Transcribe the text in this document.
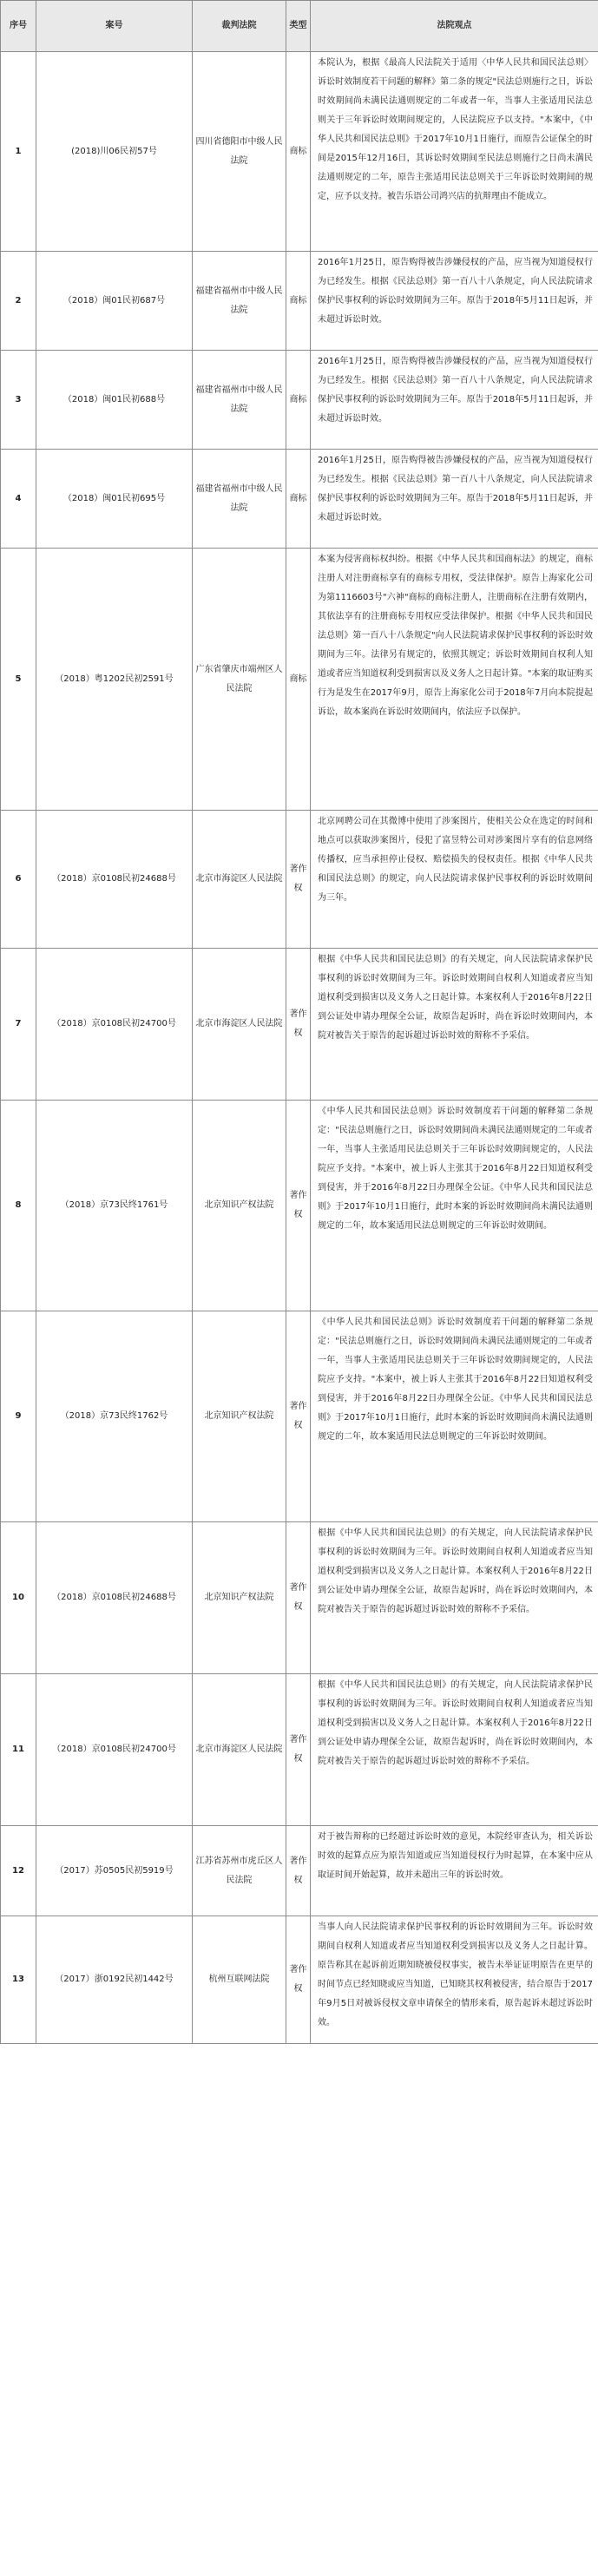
序号	案号	裁判法院	类型	法院观点
1	(2018)川06民初57号	四川省德阳市中级人民法院	商标	本院认为，根据《最高人民法院关于适用〈中华人民共和国民法总则〉诉讼时效制度若干问题的解释》第二条的规定"民法总则施行之日，诉讼时效期间尚未满民法通则规定的二年或者一年，当事人主张适用民法总则关于三年诉讼时效期间规定的，人民法院应予以支持。"本案中，《中华人民共和国民法总则》于2017年10月1日施行，而原告公证保全的时间是2015年12月16日，其诉讼时效期间至民法总则施行之日尚未满民法通则规定的二年，原告主张适用民法总则关于三年诉讼时效期间的规定，应予以支持。被告乐语公司鸿兴店的抗辩理由不能成立。
2	（2018）闽01民初687号	福建省福州市中级人民法院	商标	2016年1月25日，原告购得被告涉嫌侵权的产品，应当视为知道侵权行为已经发生。根据《民法总则》第一百八十八条规定，向人民法院请求保护民事权利的诉讼时效期间为三年。原告于2018年5月11日起诉，并未超过诉讼时效。
3	（2018）闽01民初688号	福建省福州市中级人民法院	商标	2016年1月25日，原告购得被告涉嫌侵权的产品，应当视为知道侵权行为已经发生。根据《民法总则》第一百八十八条规定，向人民法院请求保护民事权利的诉讼时效期间为三年。原告于2018年5月11日起诉，并未超过诉讼时效。
4	（2018）闽01民初695号	福建省福州市中级人民法院	商标	2016年1月25日，原告购得被告涉嫌侵权的产品，应当视为知道侵权行为已经发生。根据《民法总则》第一百八十八条规定，向人民法院请求保护民事权利的诉讼时效期间为三年。原告于2018年5月11日起诉，并未超过诉讼时效。
5	（2018）粤1202民初2591号	广东省肇庆市端州区人民法院	商标	本案为侵害商标权纠纷。根据《中华人民共和国商标法》的规定，商标注册人对注册商标享有的商标专用权，受法律保护。原告上海家化公司为第1116603号"六神"商标的商标注册人，注册商标在注册有效期内，其依法享有的注册商标专用权应受法律保护。根据《中华人民共和国民法总则》第一百八十八条规定"向人民法院请求保护民事权利的诉讼时效期间为三年。法律另有规定的，依照其规定；诉讼时效期间自权利人知道或者应当知道权利受到损害以及义务人之日起计算。"本案的取证购买行为是发生在2017年9月，原告上海家化公司于2018年7月向本院提起诉讼，故本案尚在诉讼时效期间内，依法应予以保护。
6	（2018）京0108民初24688号	北京市海淀区人民法院	著作权	北京网聘公司在其微博中使用了涉案图片，使相关公众在选定的时间和地点可以获取涉案图片，侵犯了富昱特公司对涉案图片享有的信息网络传播权，应当承担停止侵权、赔偿损失的侵权责任。根据《中华人民共和国民法总则》的规定，向人民法院请求保护民事权利的诉讼时效期间为三年。
7	（2018）京0108民初24700号	北京市海淀区人民法院	著作权	根据《中华人民共和国民法总则》的有关规定，向人民法院请求保护民事权利的诉讼时效期间为三年。诉讼时效期间自权利人知道或者应当知道权利受到损害以及义务人之日起计算。本案权利人于2016年8月22日到公证处申请办理保全公证，故原告起诉时，尚在诉讼时效期间内，本院对被告关于原告的起诉超过诉讼时效的辩称不予采信。
8	（2018）京73民终1761号	北京知识产权法院	著作权	《中华人民共和国民法总则》诉讼时效制度若干问题的解释第二条规定："民法总则施行之日，诉讼时效期间尚未满民法通则规定的二年或者一年，当事人主张适用民法总则关于三年诉讼时效期间规定的，人民法院应予支持。"本案中，被上诉人主张其于2016年8月22日知道权利受到侵害，并于2016年8月22日办理保全公证。《中华人民共和国民法总则》于2017年10月1日施行，此时本案的诉讼时效期间尚未满民法通则规定的二年，故本案适用民法总则规定的三年诉讼时效期间。
9	（2018）京73民终1762号	北京知识产权法院	著作权	《中华人民共和国民法总则》诉讼时效制度若干问题的解释第二条规定："民法总则施行之日，诉讼时效期间尚未满民法通则规定的二年或者一年，当事人主张适用民法总则关于三年诉讼时效期间规定的，人民法院应予支持。"本案中，被上诉人主张其于2016年8月22日知道权利受到侵害，并于2016年8月22日办理保全公证。《中华人民共和国民法总则》于2017年10月1日施行，此时本案的诉讼时效期间尚未满民法通则规定的二年，故本案适用民法总则规定的三年诉讼时效期间。
10	（2018）京0108民初24688号	北京知识产权法院	著作权	根据《中华人民共和国民法总则》的有关规定，向人民法院请求保护民事权利的诉讼时效期间为三年。诉讼时效期间自权利人知道或者应当知道权利受到损害以及义务人之日起计算。本案权利人于2016年8月22日到公证处申请办理保全公证，故原告起诉时，尚在诉讼时效期间内，本院对被告关于原告的起诉超过诉讼时效的辩称不予采信。
11	（2018）京0108民初24700号	北京市海淀区人民法院	著作权	根据《中华人民共和国民法总则》的有关规定，向人民法院请求保护民事权利的诉讼时效期间为三年。诉讼时效期间自权利人知道或者应当知道权利受到损害以及义务人之日起计算。本案权利人于2016年8月22日到公证处申请办理保全公证，故原告起诉时，尚在诉讼时效期间内，本院对被告关于原告的起诉超过诉讼时效的辩称不予采信。
12	（2017）苏0505民初5919号	江苏省苏州市虎丘区人民法院	著作权	对于被告辩称的已经超过诉讼时效的意见，本院经审查认为，相关诉讼时效的起算点应为原告知道或应当知道侵权行为时起算，在本案中应从取证时间开始起算，故并未超出三年的诉讼时效。
13	（2017）浙0192民初1442号	杭州互联网法院	著作权	当事人向人民法院请求保护民事权利的诉讼时效期间为三年。诉讼时效期间自权利人知道或者应当知道权利受到损害以及义务人之日起计算。原告称其在起诉前近期知晓被侵权事实，被告未举证证明原告在更早的时间节点已经知晓或应当知道，已知晓其权利被侵害，结合原告于2017年9月5日对被诉侵权文章申请保全的情形来看，原告起诉未超过诉讼时效。
